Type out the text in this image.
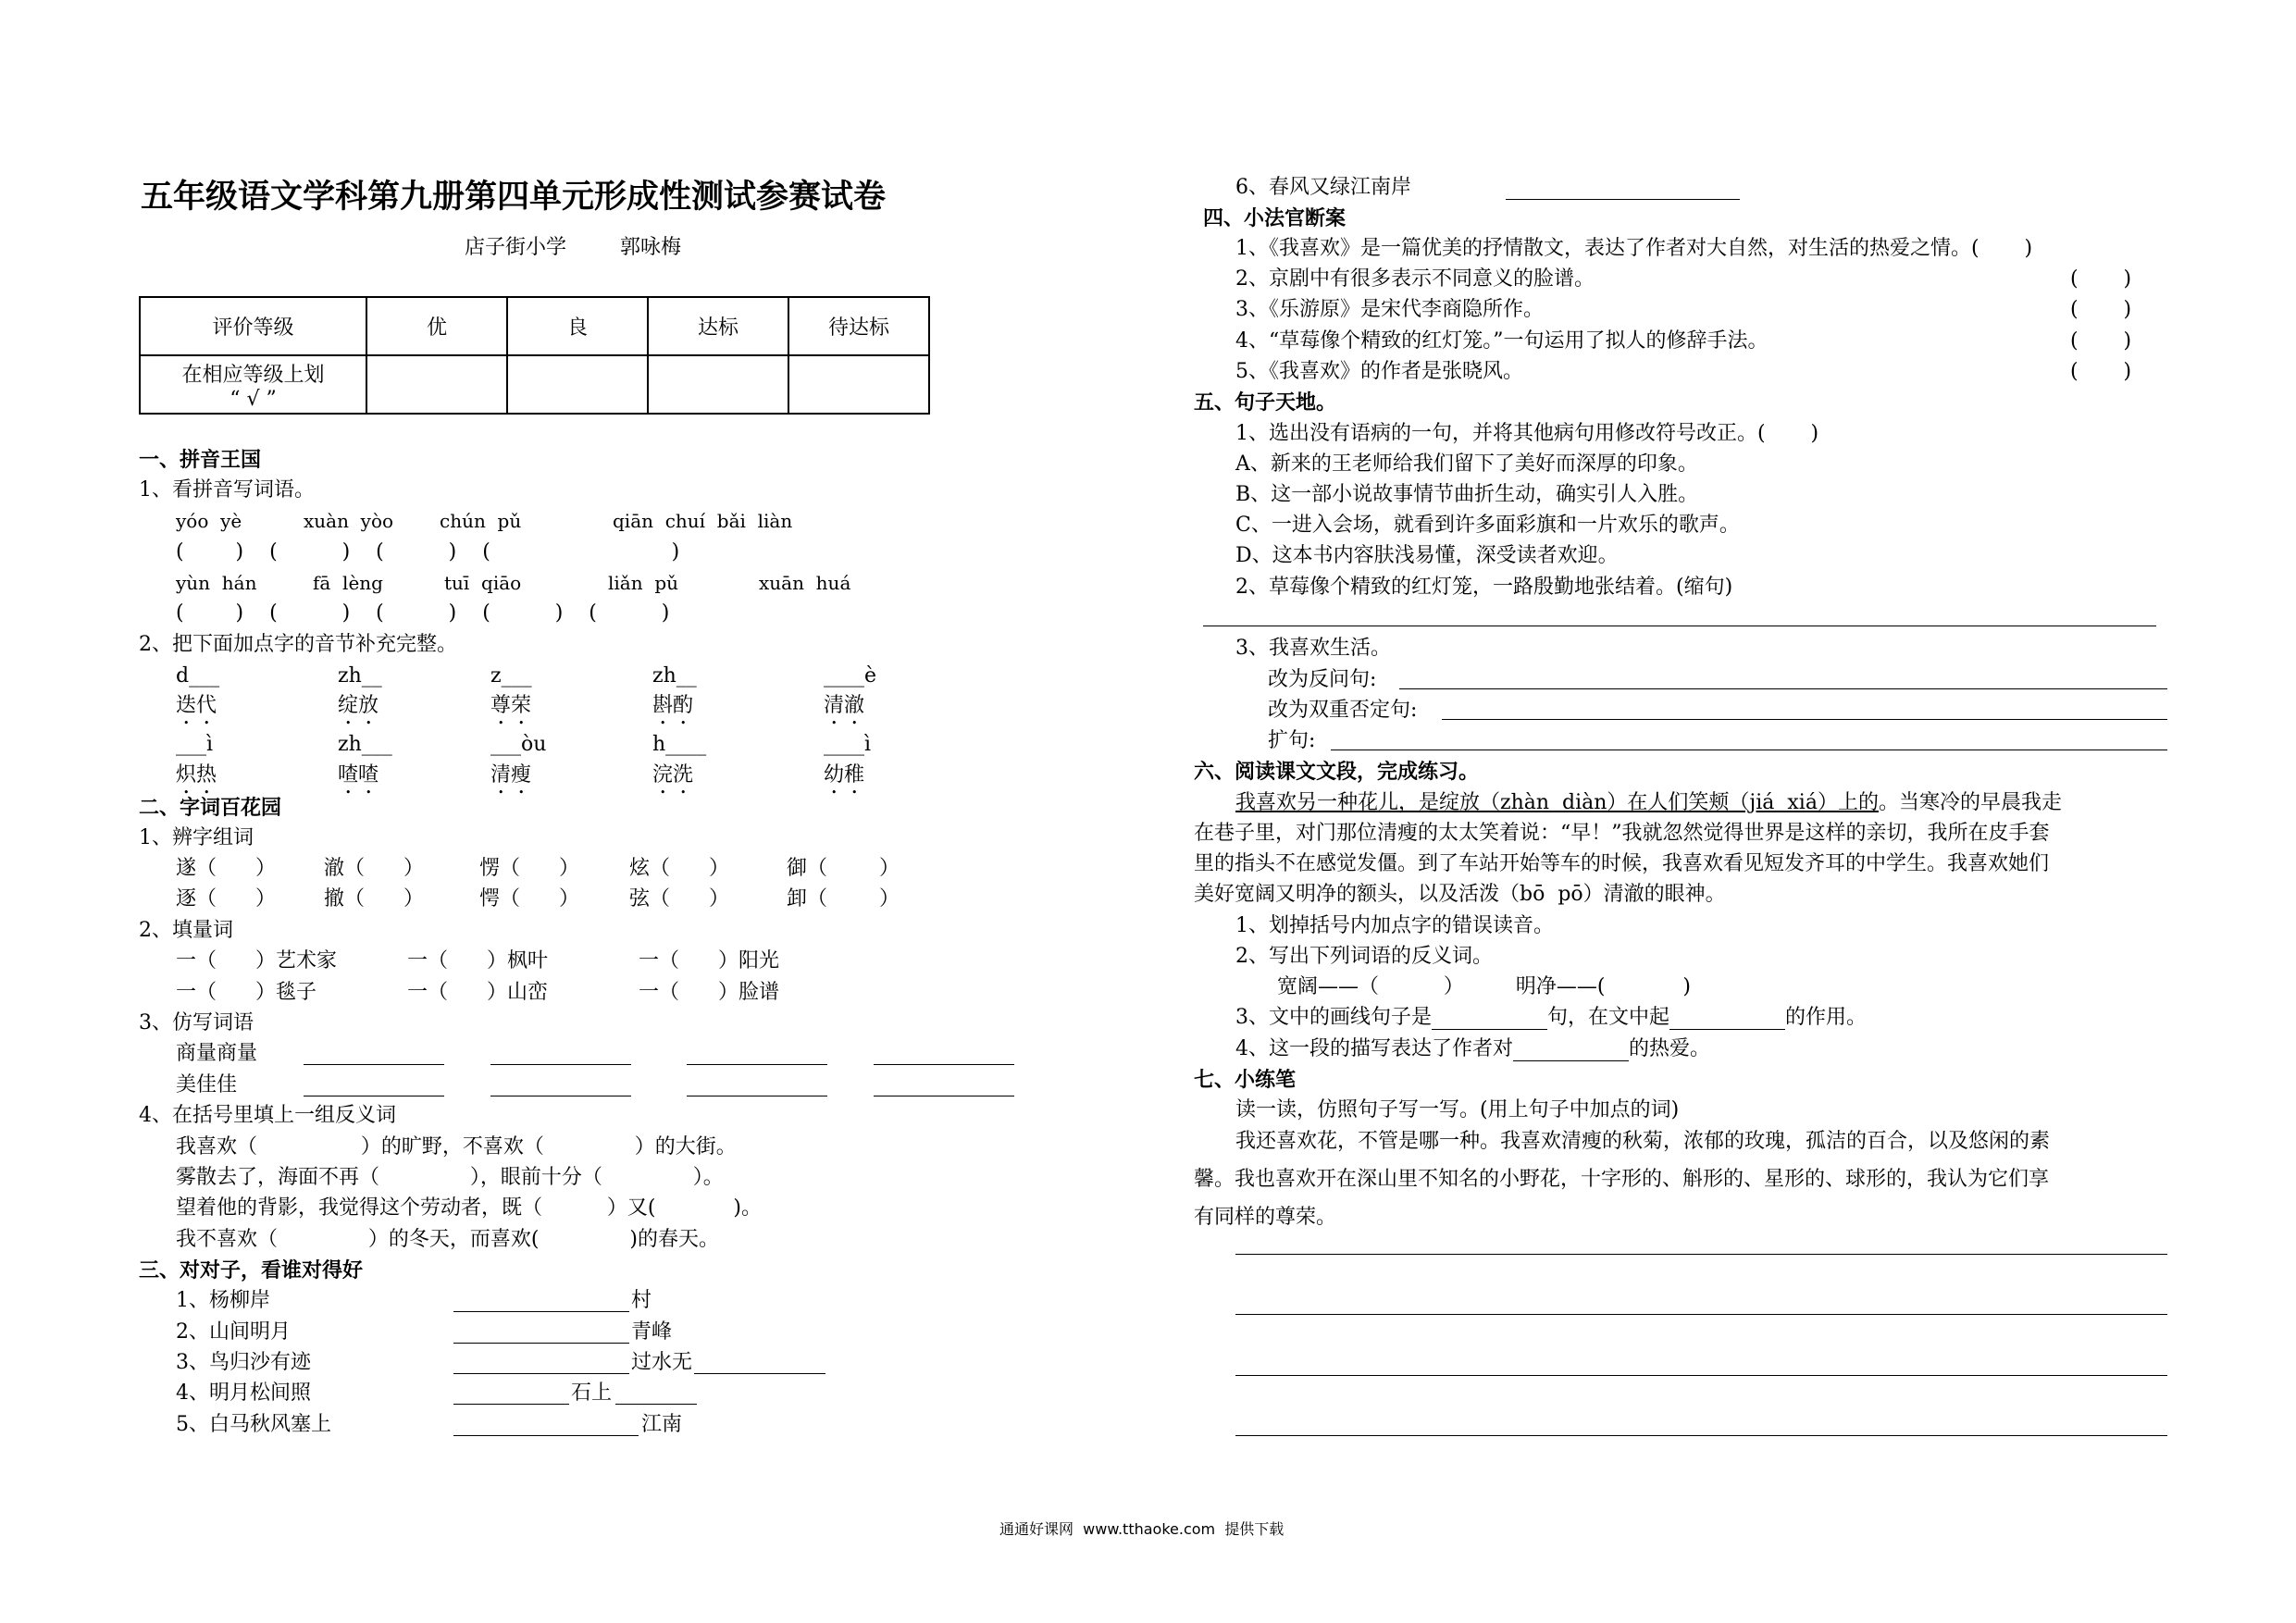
五年级语文学科第九册第四单元形成性测试参赛试卷
店子街小学	郭咏梅
评价等级	优	良	达标	待达标

在相应等级上划
“ √ ”				

一、拼音王国
1、看拼音写词语。
yóo  yè	xuàn  yòo chún  pǔ	qiān  chuí  bǎi  liàn
(        )    (          )    (          )    (                            )
yùn  hán	fā  lèng	tuī  qiāo	liǎn  pǔ	xuān  huá
(        )    (          )    (          )    (          )    (          )
2、把下面加点字的音节补充完整。
d___	zh__	z___	zh__	____è
迭代	绽放	尊荣	斟酌	清澈
___ì	zh___	___òu	h____	____ì
炽热	喳喳	清瘦	浣洗	幼稚
二、字词百花园
1、辨字组词
遂（      ） 澈（      ）	愣（      ） 炫（      ）	御（        ）
逐（      ） 撤（      ）	愕（      ） 弦（      ）	卸（        ）
2、填量词
一（      ）艺术家	一（      ）枫叶	一（      ）阳光
一（      ）毯子	一（      ）山峦	一（      ）脸谱
3、仿写词语
商量商量
美佳佳
4、在括号里填上一组反义词
我喜欢（                ）的旷野，不喜欢（              ）的大街。
雾散去了，海面不再（              ），眼前十分（              ）。
望着他的背影，我觉得这个劳动者，既（          ）又(            )。
我不喜欢（              ）的冬天，而喜欢(              )的春天。
三、对对子，看谁对得好
1、杨柳岸	村
2、山间明月	青峰
3、鸟归沙有迹	过水无
4、明月松间照	石上
5、白马秋风塞上	江南
6、春风又绿江南岸
四、小法官断案
1、《我喜欢》是一篇优美的抒情散文，表达了作者对大自然，对生活的热爱之情。(       )
2、京剧中有很多表示不同意义的脸谱。	(       )
3、《乐游原》是宋代李商隐所作。	(       )
4、“草莓像个精致的红灯笼。”一句运用了拟人的修辞手法。	(       )
5、《我喜欢》的作者是张晓风。	(       )
五、句子天地。
1、选出没有语病的一句，并将其他病句用修改符号改正。(       )
A、新来的王老师给我们留下了美好而深厚的印象。
B、这一部小说故事情节曲折生动，确实引人入胜。
C、一进入会场，就看到许多面彩旗和一片欢乐的歌声。
D、这本书内容肤浅易懂，深受读者欢迎。
2、草莓像个精致的红灯笼，一路殷勤地张结着。(缩句)
3、我喜欢生活。
改为反问句:
改为双重否定句:
扩句:
六、阅读课文文段，完成练习。
我喜欢另一种花儿，是绽放（zhàn  diàn）在人们笑颊（jiá  xiá）上的。当寒冷的早晨我走
在巷子里，对门那位清瘦的太太笑着说：“早！”我就忽然觉得世界是这样的亲切，我所在皮手套
里的指头不在感觉发僵。到了车站开始等车的时候，我喜欢看见短发齐耳的中学生。我喜欢她们
美好宽阔又明净的额头，以及活泼（bō  pō）清澈的眼神。
1、划掉括号内加点字的错误读音。
2、写出下列词语的反义词。
宽阔——（          ）        明净——(            )
3、文中的画线句子是	句，在文中起	的作用。
4、这一段的描写表达了作者对	的热爱。
七、小练笔
读一读，仿照句子写一写。(用上句子中加点的词)
我还喜欢花，不管是哪一种。我喜欢清瘦的秋菊，浓郁的玫瑰，孤洁的百合，以及悠闲的素
馨。我也喜欢开在深山里不知名的小野花，十字形的、斛形的、星形的、球形的，我认为它们享
有同样的尊荣。
通通好课网  www.tthaoke.com  提供下载
